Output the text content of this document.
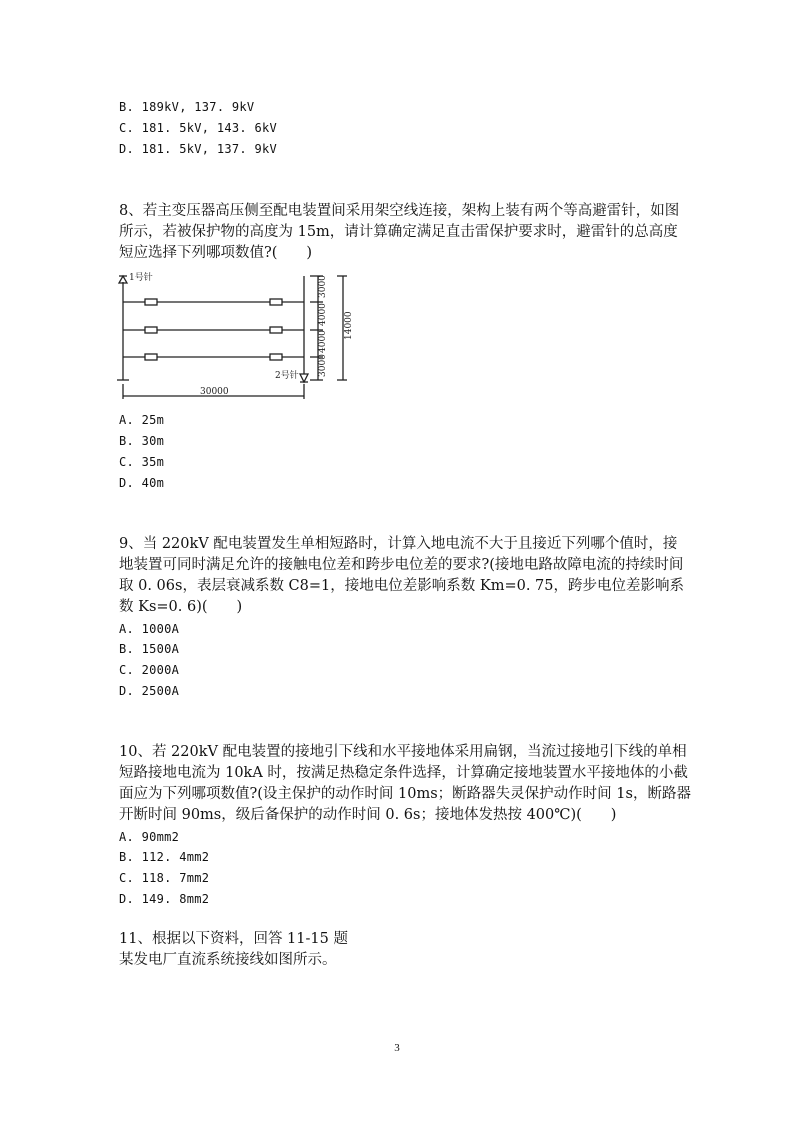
B. 189kV, 137. 9kV
C. 181. 5kV, 143. 6kV
D. 181. 5kV, 137. 9kV

8、若主变压器高压侧至配电装置间采用架空线连接，架构上装有两个等高避雷针，如图所示，若被保护物的高度为 15m，请计算确定满足直击雷保护要求时，避雷针的总高度短应选择下列哪项数值?(　　)

1号针
2号针
30000
3000
4000
4000
3000
14000
A. 25m
B. 30m
C. 35m
D. 40m

9、当 220kV 配电装置发生单相短路时，计算入地电流不大于且接近下列哪个值时，接地装置可同时满足允许的接触电位差和跨步电位差的要求?(接地电路故障电流的持续时间取 0. 06s，表层衰减系数 C8=1，接地电位差影响系数 Km=0. 75，跨步电位差影响系数 Ks=0. 6)(　　)

A. 1000A
B. 1500A
C. 2000A
D. 2500A

10、若 220kV 配电装置的接地引下线和水平接地体采用扁钢，当流过接地引下线的单相短路接地电流为 10kA 时，按满足热稳定条件选择，计算确定接地装置水平接地体的小截面应为下列哪项数值?(设主保护的动作时间 10ms；断路器失灵保护动作时间 1s，断路器开断时间 90ms，级后备保护的动作时间 0. 6s；接地体发热按 400℃)(　　)

A. 90mm2
B. 112. 4mm2
C. 118. 7mm2
D. 149. 8mm2

11、根据以下资料，回答 11-15 题

某发电厂直流系统接线如图所示。

3
